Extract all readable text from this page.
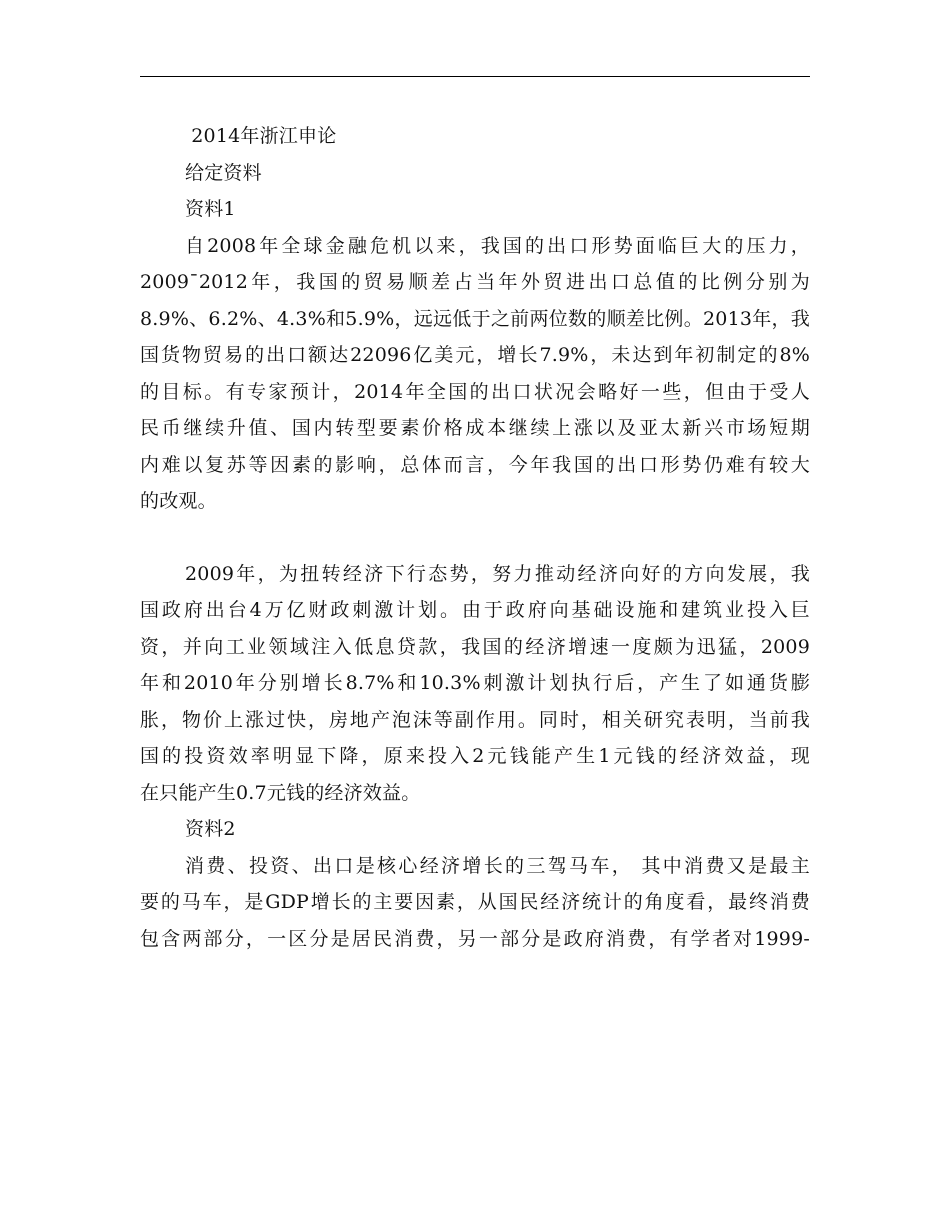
2014年浙江申论
给定资料
资料1
自2008年全球金融危机以来，我国的出口形势面临巨大的压力，
2009¯2012年，我国的贸易顺差占当年外贸进出口总值的比例分别为
8.9%、6.2%、4.3%和5.9%，远远低于之前两位数的顺差比例。2013年，我
国货物贸易的出口额达22096亿美元，增长7.9%，未达到年初制定的8%
的目标。有专家预计，2014年全国的出口状况会略好一些，但由于受人
民币继续升值、国内转型要素价格成本继续上涨以及亚太新兴市场短期
内难以复苏等因素的影响，总体而言，今年我国的出口形势仍难有较大
的改观。
2009年，为扭转经济下行态势，努力推动经济向好的方向发展，我
国政府出台4万亿财政刺激计划。由于政府向基础设施和建筑业投入巨
资，并向工业领域注入低息贷款，我国的经济增速一度颇为迅猛，2009
年和2010年分别增长8.7%和10.3%刺激计划执行后，产生了如通货膨
胀，物价上涨过快，房地产泡沫等副作用。同时，相关研究表明，当前我
国的投资效率明显下降，原来投入2元钱能产生1元钱的经济效益，现
在只能产生0.7元钱的经济效益。
资料2
消费、投资、出口是核心经济增长的三驾马车， 其中消费又是最主
要的马车，是GDP增长的主要因素，从国民经济统计的角度看，最终消费
包含两部分，一区分是居民消费，另一部分是政府消费，有学者对1999-
